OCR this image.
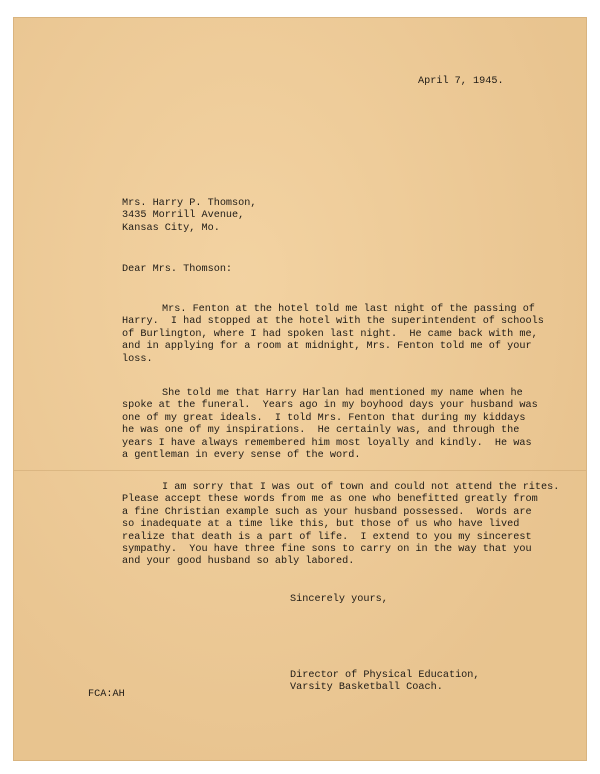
April 7, 1945.
Mrs. Harry P. Thomson,
3435 Morrill Avenue,
Kansas City, Mo.
Dear Mrs. Thomson:
Mrs. Fenton at the hotel told me last night of the passing of
Harry.  I had stopped at the hotel with the superintendent of schools
of Burlington, where I had spoken last night.  He came back with me,
and in applying for a room at midnight, Mrs. Fenton told me of your
loss.
She told me that Harry Harlan had mentioned my name when he
spoke at the funeral.  Years ago in my boyhood days your husband was
one of my great ideals.  I told Mrs. Fenton that during my kiddays
he was one of my inspirations.  He certainly was, and through the
years I have always remembered him most loyally and kindly.  He was
a gentleman in every sense of the word.
I am sorry that I was out of town and could not attend the rites.
Please accept these words from me as one who benefitted greatly from
a fine Christian example such as your husband possessed.  Words are
so inadequate at a time like this, but those of us who have lived
realize that death is a part of life.  I extend to you my sincerest
sympathy.  You have three fine sons to carry on in the way that you
and your good husband so ably labored.
Sincerely yours,
Director of Physical Education,
Varsity Basketball Coach.
FCA:AH
